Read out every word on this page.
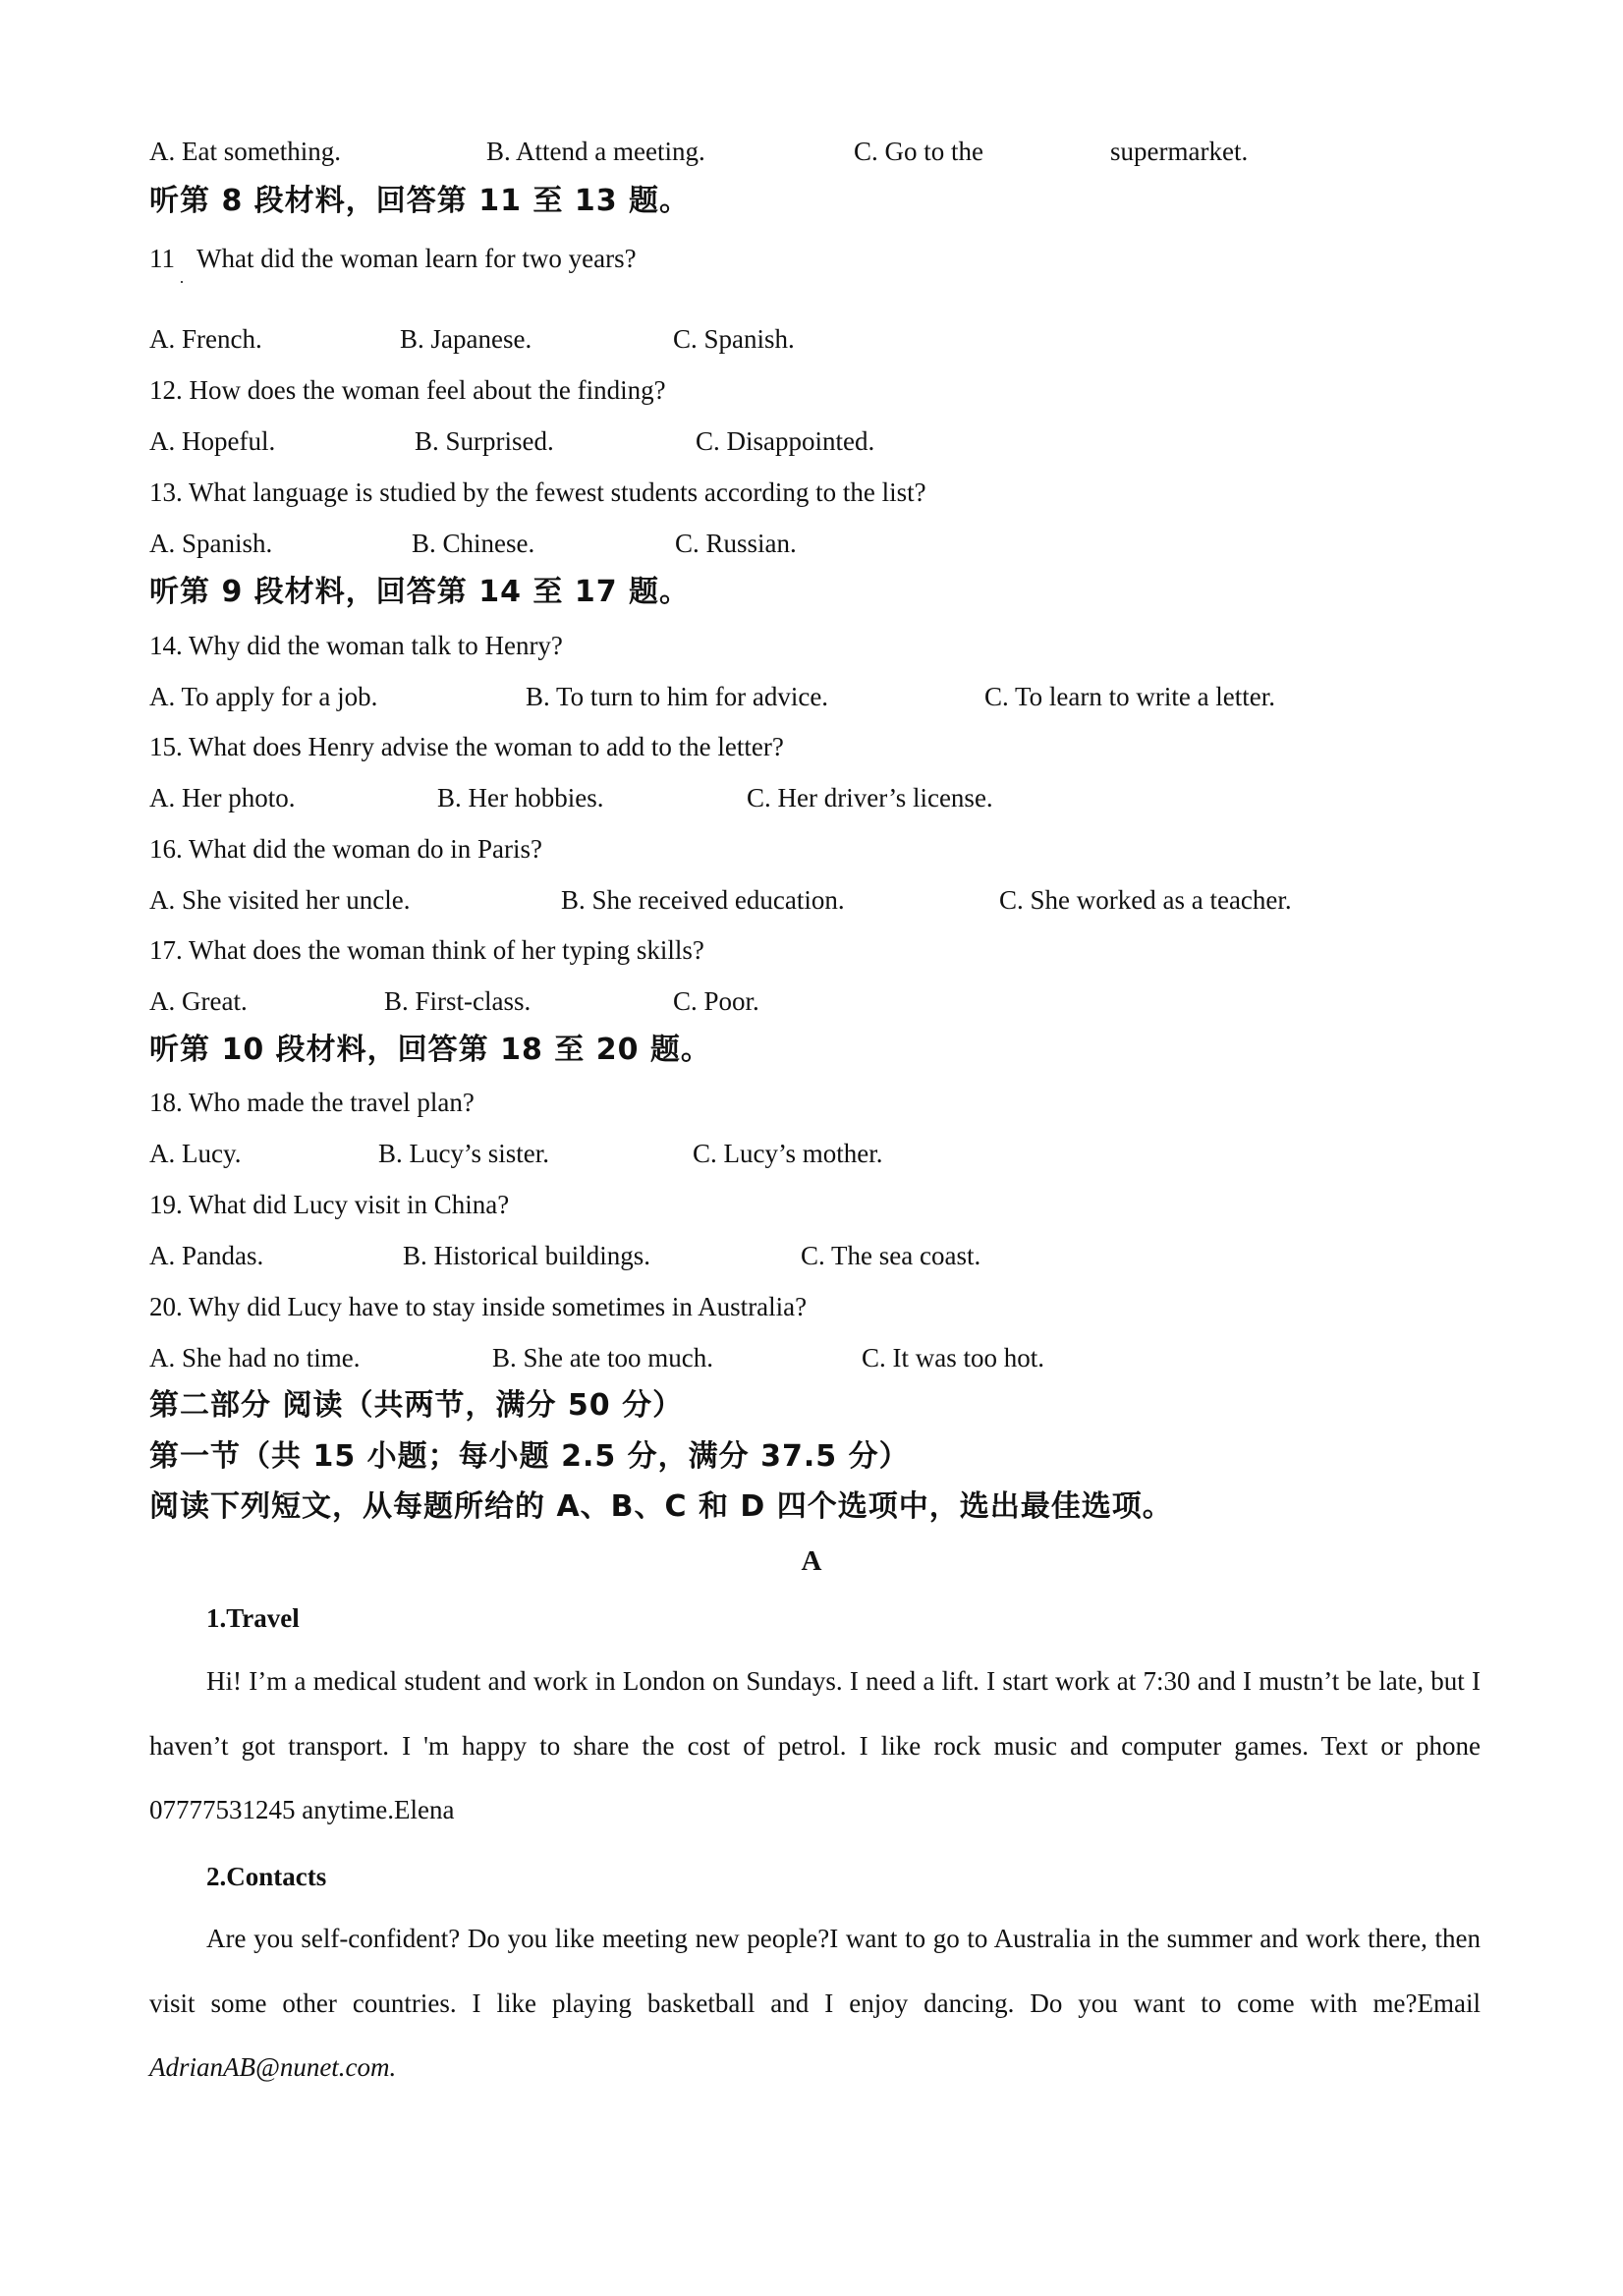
A. Eat something.	B. Attend a meeting.	C. Go to the	supermarket.
听第 8 段材料，回答第 11 至 13 题。
11 What did the woman learn for two years?
A. French.	B. Japanese.	C. Spanish.
12. How does the woman feel about the finding?
A. Hopeful.	B. Surprised.	C. Disappointed.
13. What language is studied by the fewest students according to the list?
A. Spanish.	B. Chinese.	C. Russian.
听第 9 段材料，回答第 14 至 17 题。
14. Why did the woman talk to Henry?
A. To apply for a job.	B. To turn to him for advice.	C. To learn to write a letter.
15. What does Henry advise the woman to add to the letter?
A. Her photo.	B. Her hobbies.	C. Her driver’s license.
16. What did the woman do in Paris?
A. She visited her uncle.	B. She received education.	C. She worked as a teacher.
17. What does the woman think of her typing skills?
A. Great.	B. First-class.	C. Poor.
听第 10 段材料，回答第 18 至 20 题。
18. Who made the travel plan?
A. Lucy.	B. Lucy’s sister.	C. Lucy’s mother.
19. What did Lucy visit in China?
A. Pandas.	B. Historical buildings.	C. The sea coast.
20. Why did Lucy have to stay inside sometimes in Australia?
A. She had no time.	B. She ate too much.	C. It was too hot.
第二部分 阅读（共两节，满分 50 分）
第一节（共 15 小题；每小题 2.5 分，满分 37.5 分）
阅读下列短文，从每题所给的 A、B、C 和 D 四个选项中，选出最佳选项。
A
1.Travel
Hi! I’m a medical student and work in London on Sundays. I need a lift. I start work at 7:30 and I mustn’t be late, but I haven’t got transport. I 'm happy to share the cost of petrol. I like rock music and computer games. Text or phone 07777531245 anytime.Elena
2.Contacts
Are you self-confident? Do you like meeting new people?I want to go to Australia in the summer and work there, then visit some other countries. I like playing basketball and I enjoy dancing. Do you want to come with me?Email AdrianAB@nunet.com.
